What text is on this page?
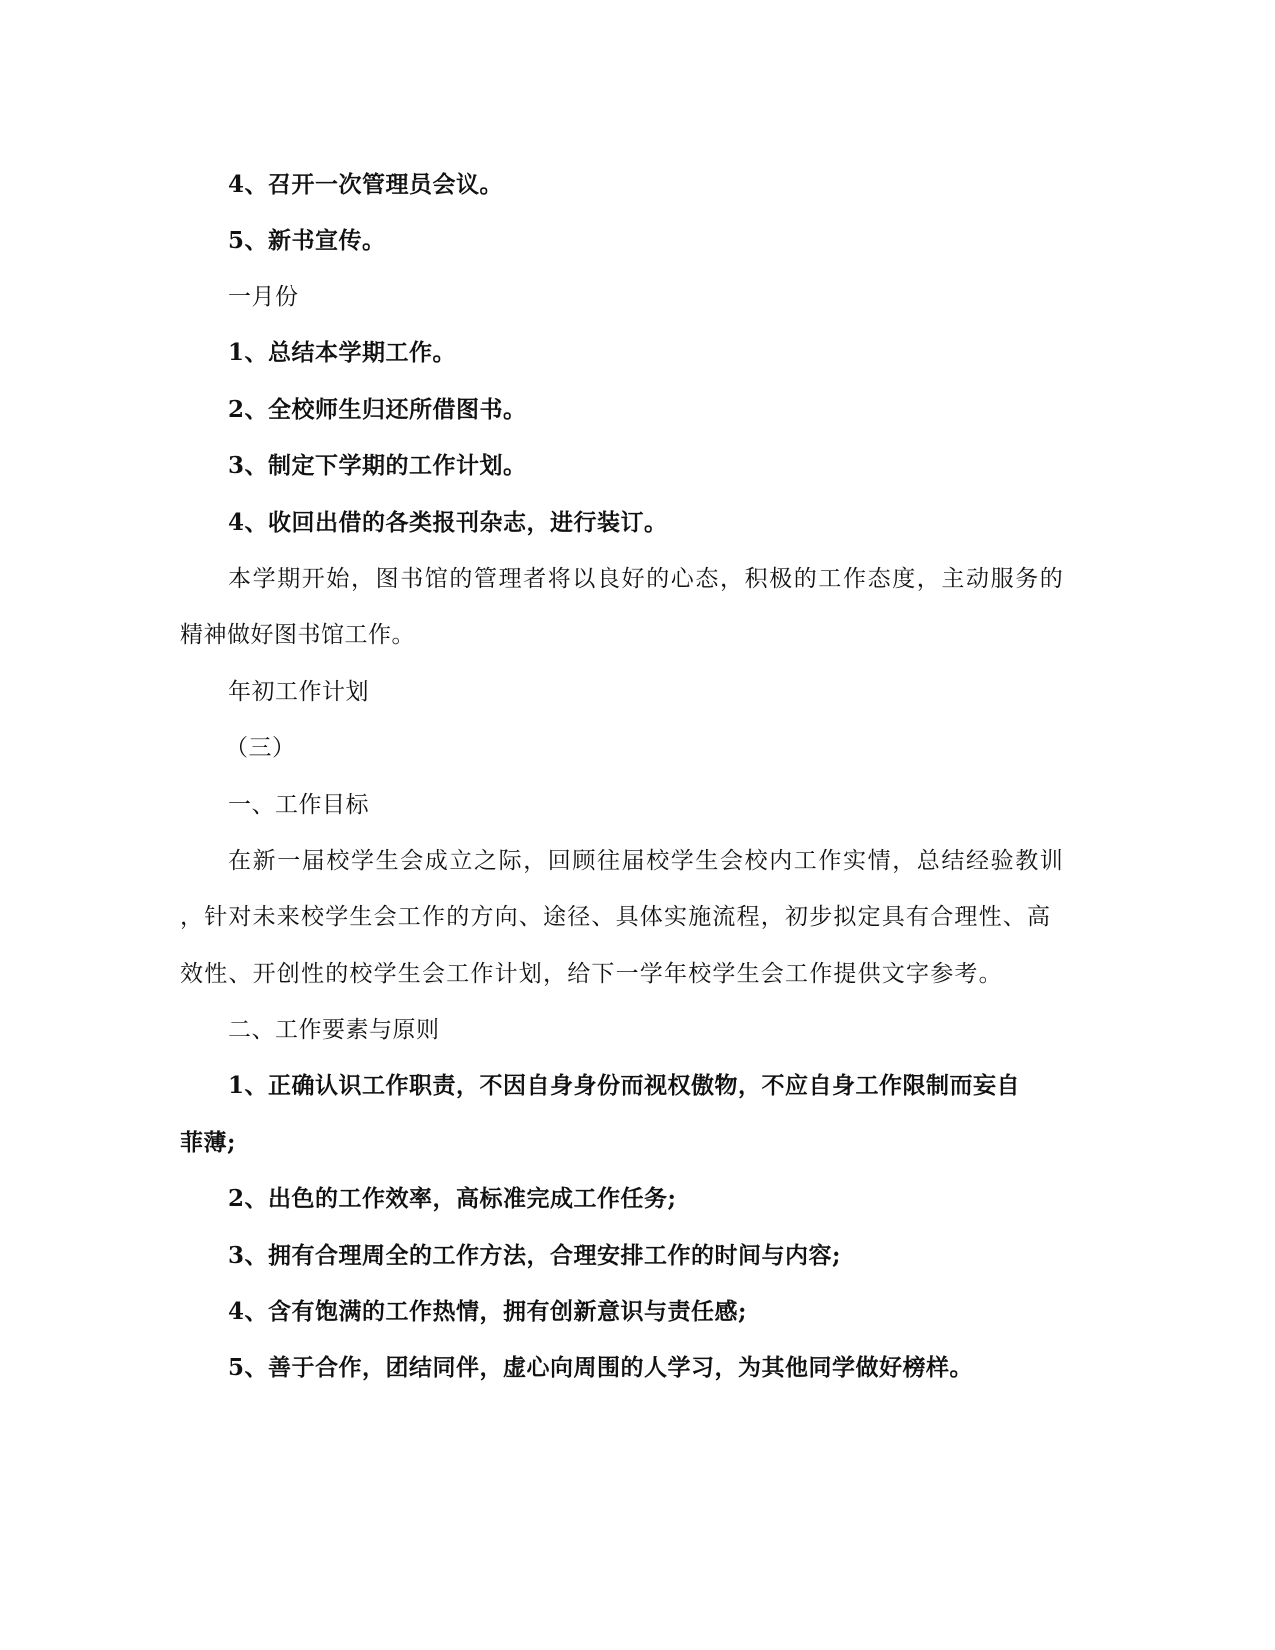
4、召开一次管理员会议。
5、新书宣传。
一月份
1、总结本学期工作。
2、全校师生归还所借图书。
3、制定下学期的工作计划。
4、收回出借的各类报刊杂志，进行装订。
本学期开始，图书馆的管理者将以良好的心态，积极的工作态度，主动服务的
精神做好图书馆工作。
年初工作计划
（三）
一、工作目标
在新一届校学生会成立之际，回顾往届校学生会校内工作实情，总结经验教训
，针对未来校学生会工作的方向、途径、具体实施流程，初步拟定具有合理性、高
效性、开创性的校学生会工作计划，给下一学年校学生会工作提供文字参考。
二、工作要素与原则
1、正确认识工作职责，不因自身身份而视权傲物，不应自身工作限制而妄自
菲薄;
2、出色的工作效率，高标准完成工作任务;
3、拥有合理周全的工作方法，合理安排工作的时间与内容;
4、含有饱满的工作热情，拥有创新意识与责任感;
5、善于合作，团结同伴，虚心向周围的人学习，为其他同学做好榜样。
